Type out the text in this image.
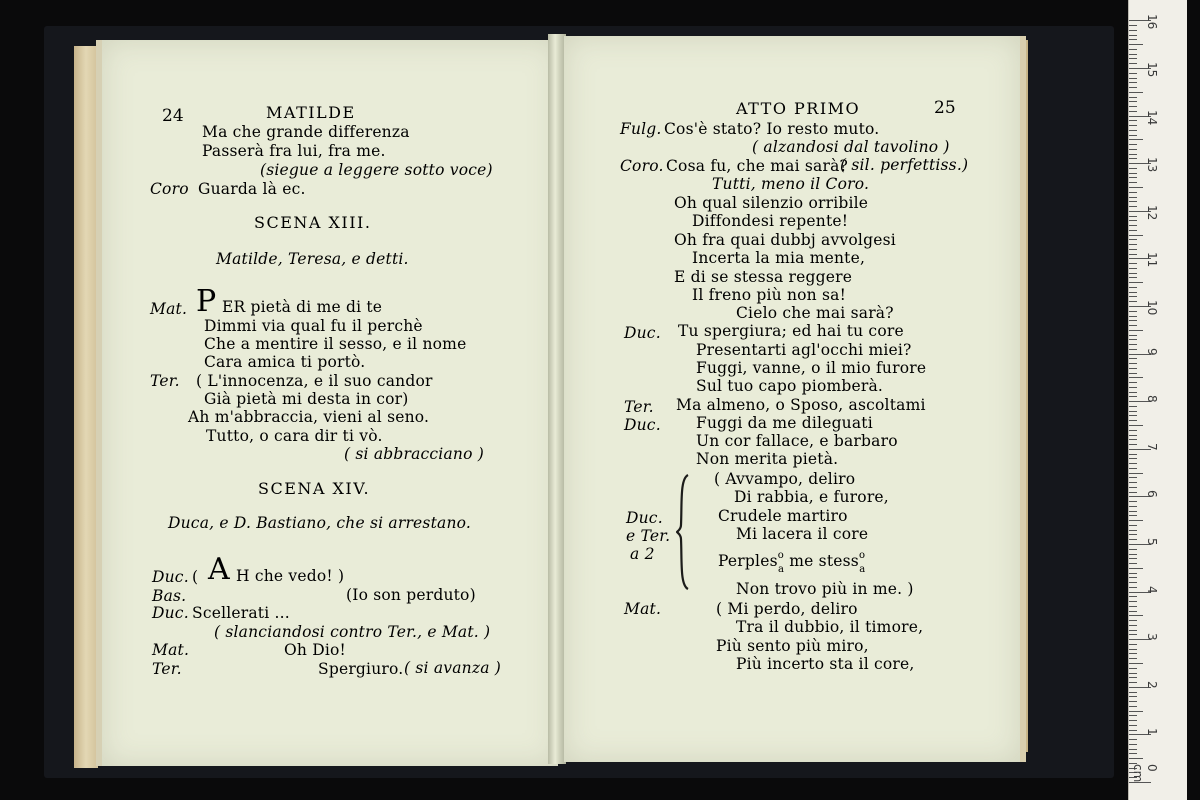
24	MATILDE
Ma che grande differenza
Passerà fra lui, fra me.
(siegue a leggere sotto voce)
Coro Guarda là ec.
SCENA XIII.
Matilde, Teresa, e detti.
Mat. P ER pietà di me di te
Dimmi via qual fu il perchè
Che a mentire il sesso, e il nome
Cara amica ti portò.
Ter. ( L'innocenza, e il suo candor
Già pietà mi desta in cor)
Ah m'abbraccia, vieni al seno.
Tutto, o cara dir ti vò.
( si abbracciano )
SCENA XIV.
Duca, e D. Bastiano, che si arrestano.
Duc. ( A H che vedo! )
Bas.	(Io son perduto)
Duc. Scellerati ...
( slanciandosi contro Ter., e Mat. )
Mat.	Oh Dio!
Ter.	Spergiuro. ( si avanza )
ATTO PRIMO	25
Fulg. Cos'è stato? Io resto muto.
( alzandosi dal tavolino )
Coro. Cosa fu, che mai sarà?
( sil. perfettiss.)
Tutti, meno il Coro.
Oh qual silenzio orribile
Diffondesi repente!
Oh fra quai dubbj avvolgesi
Incerta la mia mente,
E di se stessa reggere
Il freno più non sa!
Cielo che mai sarà?
Duc. Tu spergiura; ed hai tu core
Presentarti agl'occhi miei?
Fuggi, vanne, o il mio furore
Sul tuo capo piomberà.
Ter. Ma almeno, o Sposo, ascoltami
Duc. Fuggi da me dileguati
Un cor fallace, e barbaro
Non merita pietà.
Duc.
e Ter.
a 2
( Avvampo, deliro
Di rabbia, e furore,
Crudele martiro
Mi lacera il core
Perples$^o_a$ me stess$^o_a$
Non trovo più in me. )
Mat.	( Mi perdo, deliro
Tra il dubbio, il timore,
Più sento più miro,
Più incerto sta il core,
1
2
3
4
5
6
7
8
9
10
11
12
13
14
15
16
0 cm
